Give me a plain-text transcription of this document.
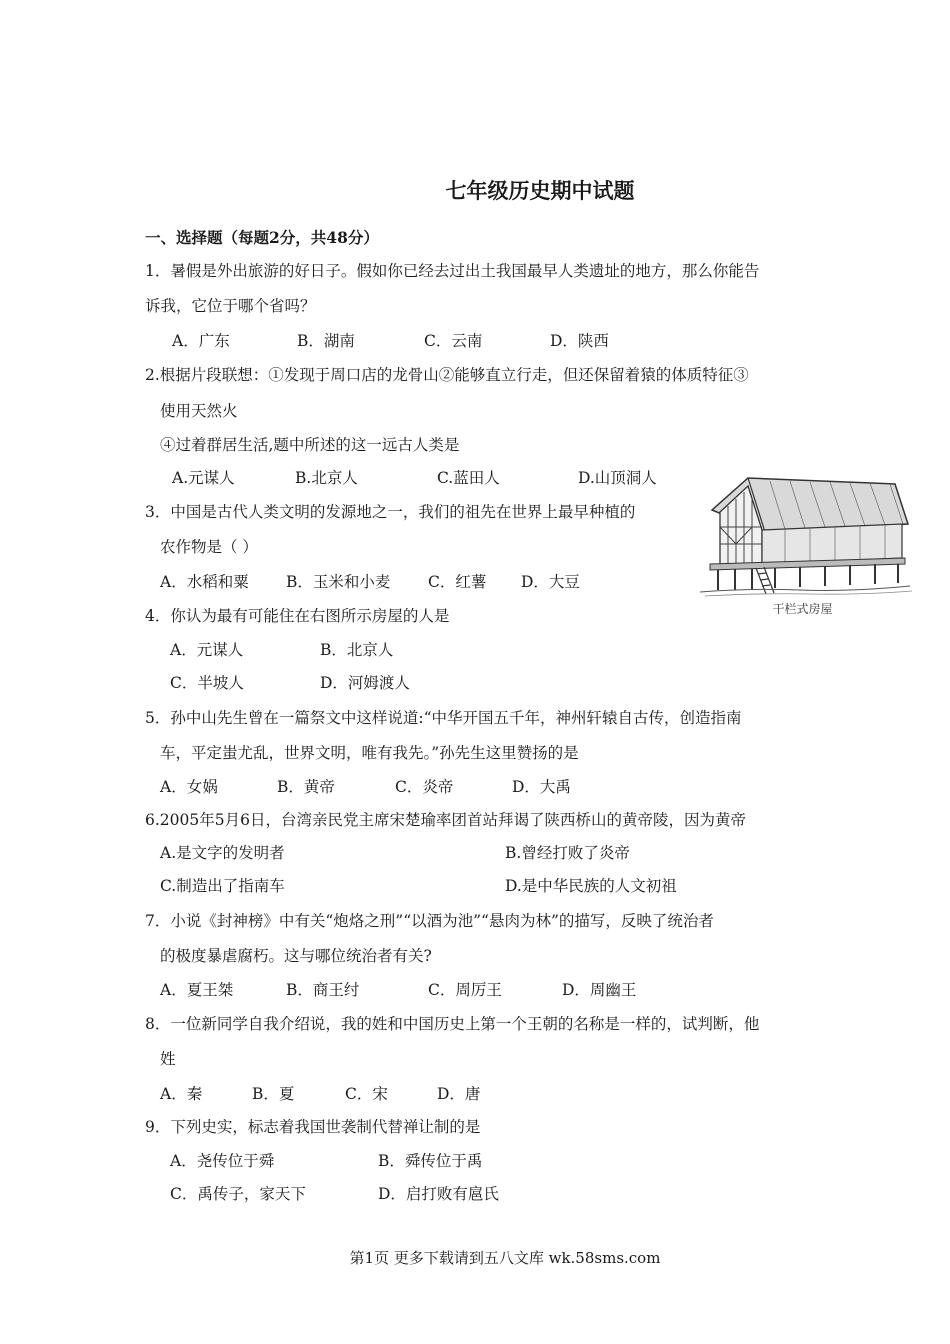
七年级历史期中试题
一、选择题（每题2分，共48分）
1．暑假是外出旅游的好日子。假如你已经去过出土我国最早人类遗址的地方，那么你能告
诉我，它位于哪个省吗？
A．广东	B．湖南	C．云南	D．陕西
2.根据片段联想：①发现于周口店的龙骨山②能够直立行走，但还保留着猿的体质特征③
使用天然火
④过着群居生活,题中所述的这一远古人类是
A.元谋人	B.北京人	C.蓝田人	D.山顶洞人
3．中国是古代人类文明的发源地之一，我们的祖先在世界上最早种植的
农作物是（ ）
A．水稻和粟 B．玉米和小麦 C．红薯 D．大豆
干栏式房屋
4．你认为最有可能住在右图所示房屋的人是
A．元谋人	B．北京人
C．半坡人	D．河姆渡人
5．孙中山先生曾在一篇祭文中这样说道:“中华开国五千年，神州轩辕自古传，创造指南
车，平定蚩尤乱，世界文明，唯有我先。”孙先生这里赞扬的是
A．女娲	B．黄帝	C．炎帝	D．大禹
6.2005年5月6日，台湾亲民党主席宋楚瑜率团首站拜谒了陕西桥山的黄帝陵，因为黄帝
A.是文字的发明者	B.曾经打败了炎帝
C.制造出了指南车	D.是中华民族的人文初祖
7．小说《封神榜》中有关“炮烙之刑”“以酒为池”“悬肉为林”的描写，反映了统治者
的极度暴虐腐朽。这与哪位统治者有关?
A．夏王桀	B．商王纣	C．周厉王	D．周幽王
8．一位新同学自我介绍说，我的姓和中国历史上第一个王朝的名称是一样的，试判断，他
姓
A．秦	B．夏	C．宋	D．唐
9．下列史实，标志着我国世袭制代替禅让制的是
A．尧传位于舜	B．舜传位于禹
C．禹传子，家天下	D．启打败有扈氏
第1页 更多下载请到五八文库 wk.58sms.com
